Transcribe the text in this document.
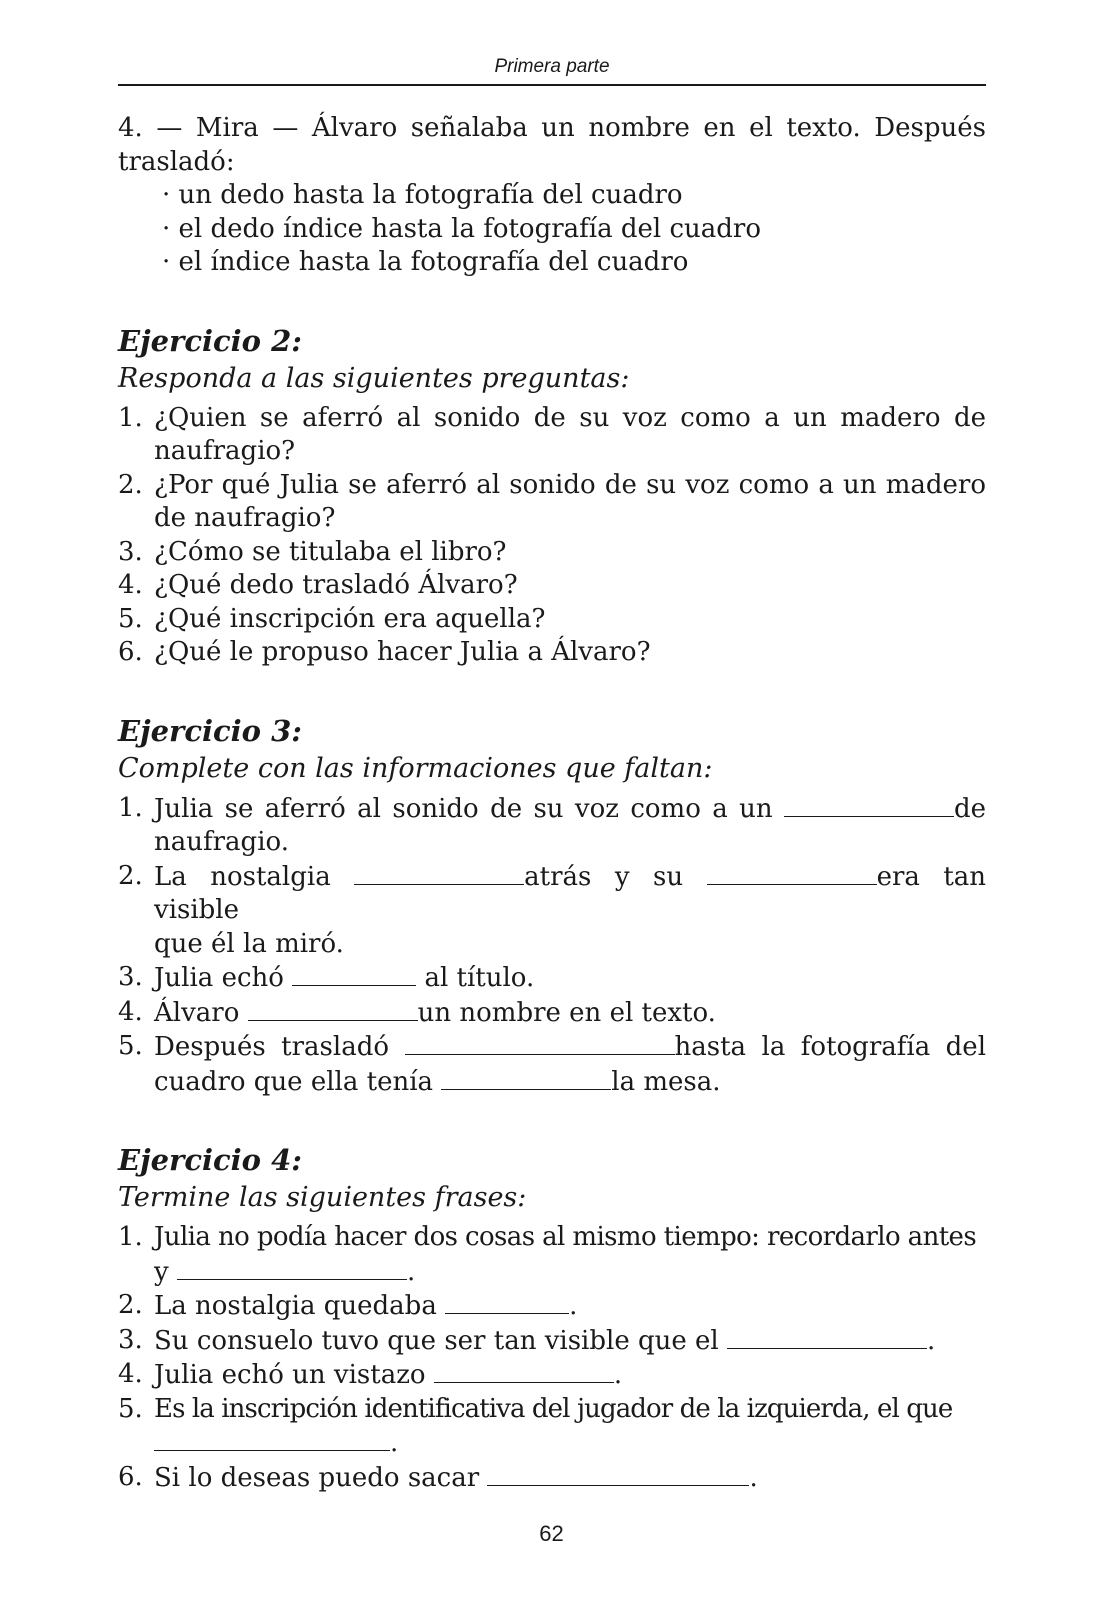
Primera parte

4. — Mira — Álvaro señalaba un nombre en el texto. Después

trasladó:

· un dedo hasta la fotografía del cuadro
· el dedo índice hasta la fotografía del cuadro
· el índice hasta la fotografía del cuadro
Ejercicio 2:
Responda a las siguientes preguntas:
1. ¿Quien se aferró al sonido de su voz como a un madero de
naufragio?
2. ¿Por qué Julia se aferró al sonido de su voz como a un madero
de naufragio?
3. ¿Cómo se titulaba el libro?
4. ¿Qué dedo trasladó Álvaro?
5. ¿Qué inscripción era aquella?
6. ¿Qué le propuso hacer Julia a Álvaro?
Ejercicio 3:
Complete con las informaciones que faltan:
1. Julia se aferró al sonido de su voz como a un	de
naufragio.
2. La nostalgia	atrás y su	era tan visible
que él la miró.
3. Julia echó	al título.
4. Álvaro	un nombre en el texto.
5. Después trasladó	hasta la fotografía del
cuadro que ella tenía	la mesa.
Ejercicio 4:
Termine las siguientes frases:
1. Julia no podía hacer dos cosas al mismo tiempo: recordarlo antes
y	.
2. La nostalgia quedaba	.
3. Su consuelo tuvo que ser tan visible que el	.
4. Julia echó un vistazo	.
5. Es la inscripción identificativa del jugador de la izquierda, el que
.
6. Si lo deseas puedo sacar	.
62
